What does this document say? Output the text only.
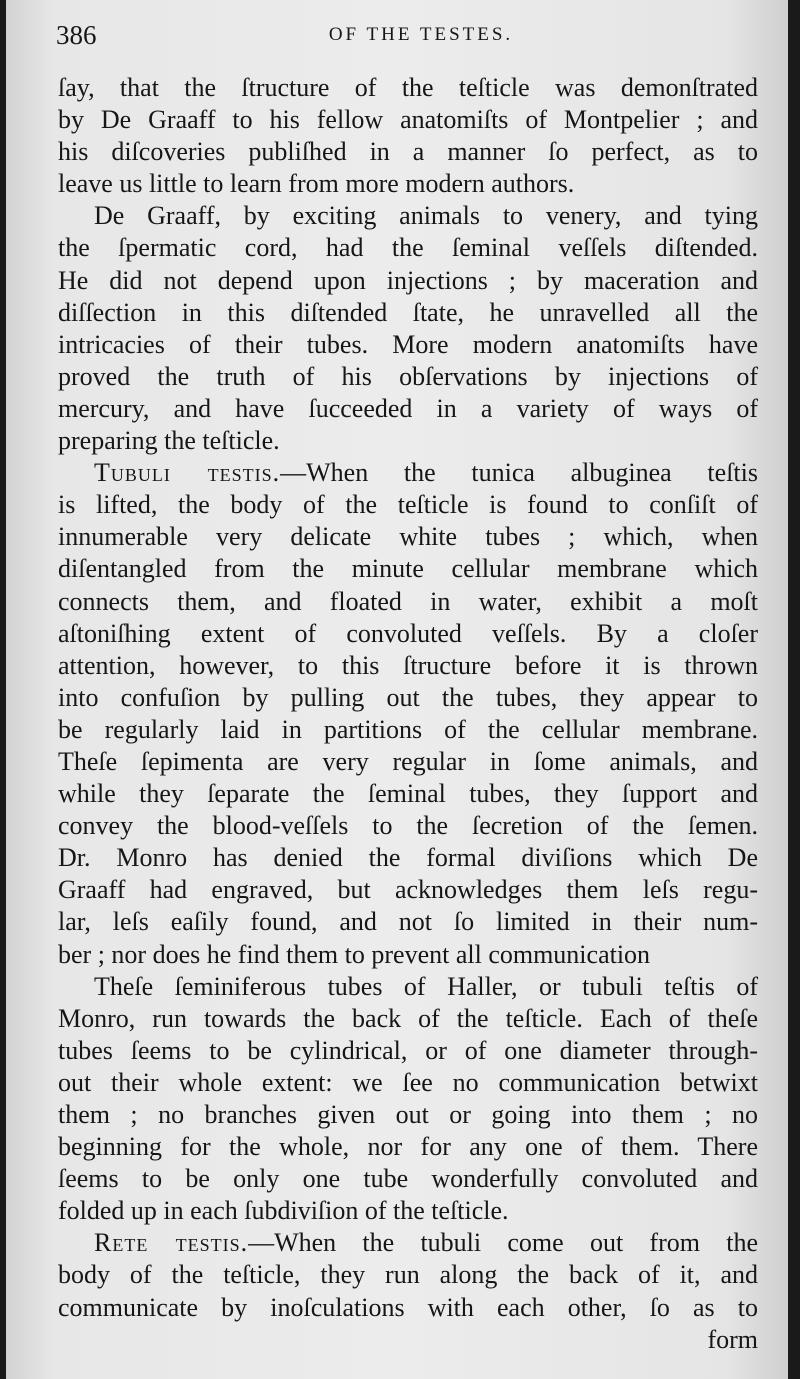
386	OF THE TESTES.
ſay, that the ſtructure of the teſticle was demonſtrated
by De Graaff to his fellow anatomiſts of Montpelier ; and
his diſcoveries publiſhed in a manner ſo perfect, as to
leave us little to learn from more modern authors.
De Graaff, by exciting animals to venery, and tying
the ſpermatic cord, had the ſeminal veſſels diſtended.
He did not depend upon injections ; by maceration and
diſſection in this diſtended ſtate, he unravelled all the
intricacies of their tubes. More modern anatomiſts have
proved the truth of his obſervations by injections of
mercury, and have ſucceeded in a variety of ways of
preparing the teſticle.
Tubuli testis.—When the tunica albuginea teſtis
is lifted, the body of the teſticle is found to conſiſt of
innumerable very delicate white tubes ; which, when
diſentangled from the minute cellular membrane which
connects them, and floated in water, exhibit a moſt
aſtoniſhing extent of convoluted veſſels. By a cloſer
attention, however, to this ſtructure before it is thrown
into confuſion by pulling out the tubes, they appear to
be regularly laid in partitions of the cellular membrane.
Theſe ſepimenta are very regular in ſome animals, and
while they ſeparate the ſeminal tubes, they ſupport and
convey the blood-veſſels to the ſecretion of the ſemen.
Dr. Monro has denied the formal diviſions which De
Graaff had engraved, but acknowledges them leſs regu-
lar, leſs eaſily found, and not ſo limited in their num-
ber ; nor does he find them to prevent all communication
Theſe ſeminiferous tubes of Haller, or tubuli teſtis of
Monro, run towards the back of the teſticle. Each of theſe
tubes ſeems to be cylindrical, or of one diameter through-
out their whole extent: we ſee no communication betwixt
them ; no branches given out or going into them ; no
beginning for the whole, nor for any one of them. There
ſeems to be only one tube wonderfully convoluted and
folded up in each ſubdiviſion of the teſticle.
Rete testis.—When the tubuli come out from the
body of the teſticle, they run along the back of it, and
communicate by inoſculations with each other, ſo as to
form
